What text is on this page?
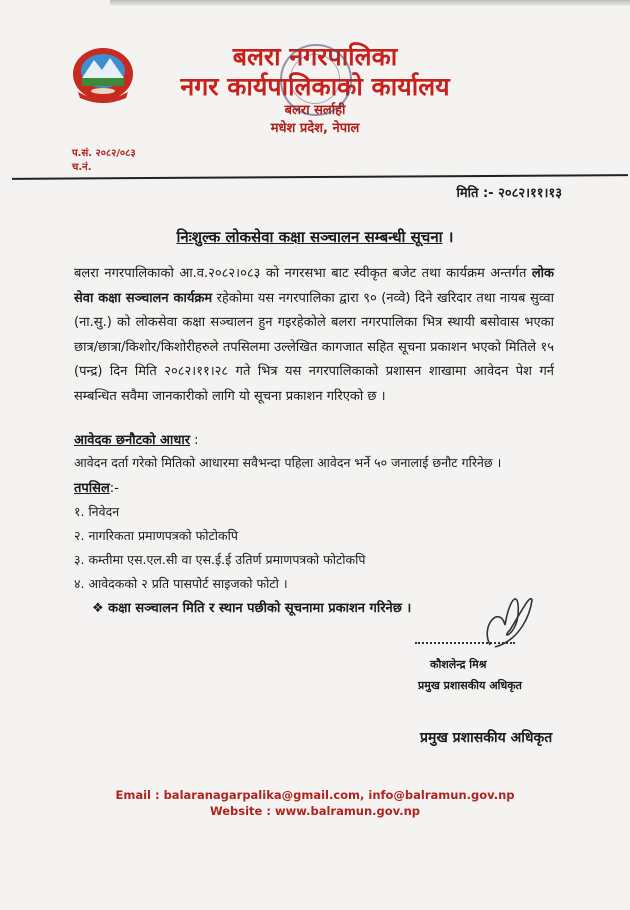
बलरा नगरपालिका
नगर कार्यपालिकाको कार्यालय
बलरा सर्लाही
मधेश प्रदेश, नेपाल
प.सं. २०८२/०८३
च.नं.
मिति :- २०८२।११।१३
निःशुल्क लोकसेवा कक्षा सञ्चालन सम्बन्धी सूचना ।
बलरा नगरपालिकाको आ.व.२०८२।०८३ को नगरसभा बाट स्वीकृत बजेट तथा कार्यक्रम अन्तर्गत लोक सेवा कक्षा सञ्चालन कार्यक्रम रहेकोमा यस नगरपालिका द्वारा ९० (नव्वे) दिने खरिदार तथा नायब सुव्वा (ना.सु.) को लोकसेवा कक्षा सञ्चालन हुन गइरहेकोले बलरा नगरपालिका भित्र स्थायी बसोवास भएका छात्र/छात्रा/किशोर/किशोरीहरुले तपसिलमा उल्लेखित कागजात सहित सूचना प्रकाशन भएको मितिले १५ (पन्द्र) दिन मिति २०८२।११।२८ गते भित्र यस नगरपालिकाको प्रशासन शाखामा आवेदन पेश गर्न सम्बन्धित सवैमा जानकारीको लागि यो सूचना प्रकाशन गरिएको छ ।
आवेदक छनौटको आधार :
आवेदन दर्ता गरेको मितिको आधारमा सवैभन्दा पहिला आवेदन भर्ने ५० जनालाई छनौट गरिनेछ ।
तपसिल:-
१. निवेदन
२. नागरिकता प्रमाणपत्रको फोटोकपि
३. कम्तीमा एस.एल.सी वा एस.ई.ई उतिर्ण प्रमाणपत्रको फोटोकपि
४. आवेदकको २ प्रति पासपोर्ट साइजको फोटो ।
❖ कक्षा सञ्चालन मिति र स्थान पछीको सूचनामा प्रकाशन गरिनेछ ।
कौशलेन्द्र मिश्र
प्रमुख प्रशासकीय अधिकृत
प्रमुख प्रशासकीय अधिकृत
Email : balaranagarpalika@gmail.com, info@balramun.gov.np
Website : www.balramun.gov.np
